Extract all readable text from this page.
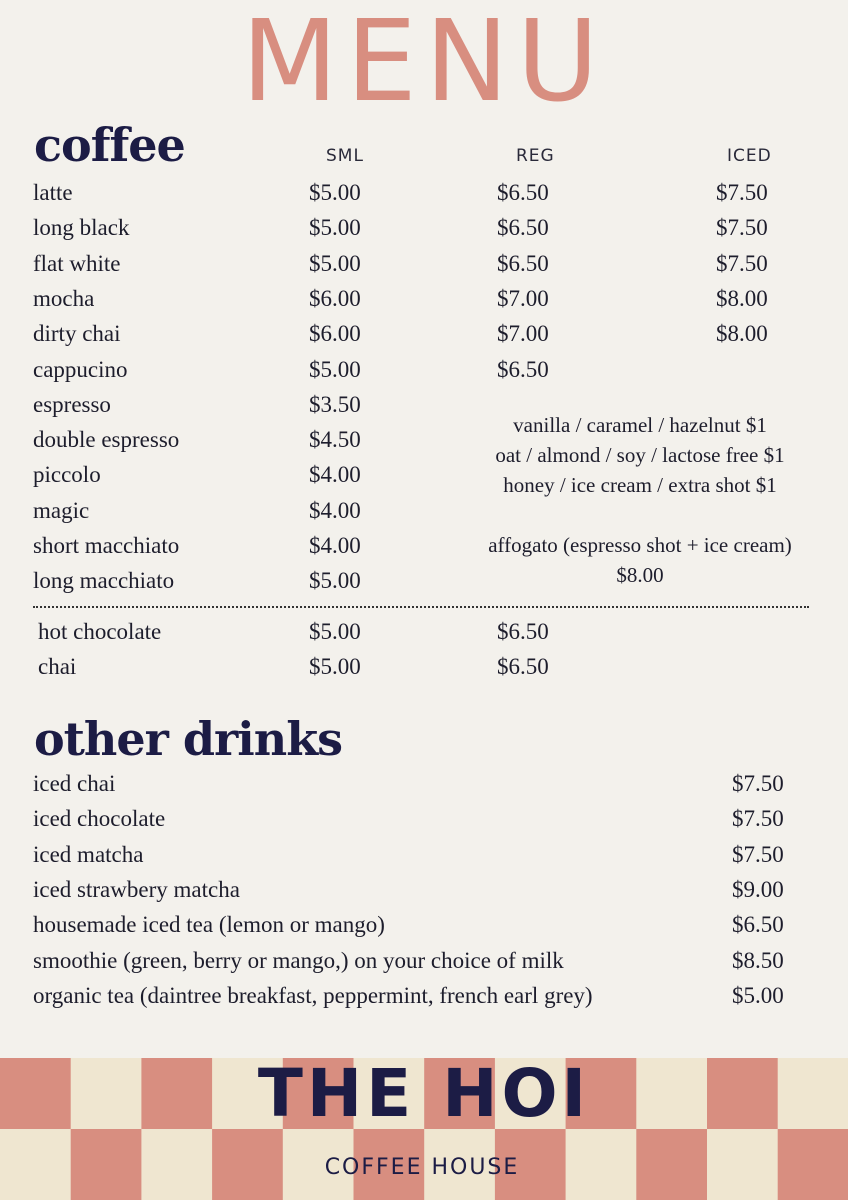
MENU
coffee	SML	REG	ICED
latte	$5.00	$6.50	$7.50
long black	$5.00	$6.50	$7.50
flat white	$5.00	$6.50	$7.50
mocha	$6.00	$7.00	$8.00
dirty chai	$6.00	$7.00	$8.00
cappucino	$5.00	$6.50
espresso	$3.50
double espresso	$4.50
piccolo	$4.00
magic	$4.00
short macchiato	$4.00
long macchiato	$5.00
vanilla / caramel / hazelnut $1
oat / almond / soy / lactose free $1
honey / ice cream / extra shot $1
affogato (espresso shot + ice cream)
$8.00
hot chocolate	$5.00	$6.50
chai	$5.00	$6.50
other drinks
iced chai	$7.50
iced chocolate	$7.50
iced matcha	$7.50
iced strawbery matcha	$9.00
housemade iced tea (lemon or mango)	$6.50
smoothie (green, berry or mango,) on your choice of milk	$8.50
organic tea (daintree breakfast, peppermint, french earl grey)	$5.00
THE HOI
COFFEE HOUSE
